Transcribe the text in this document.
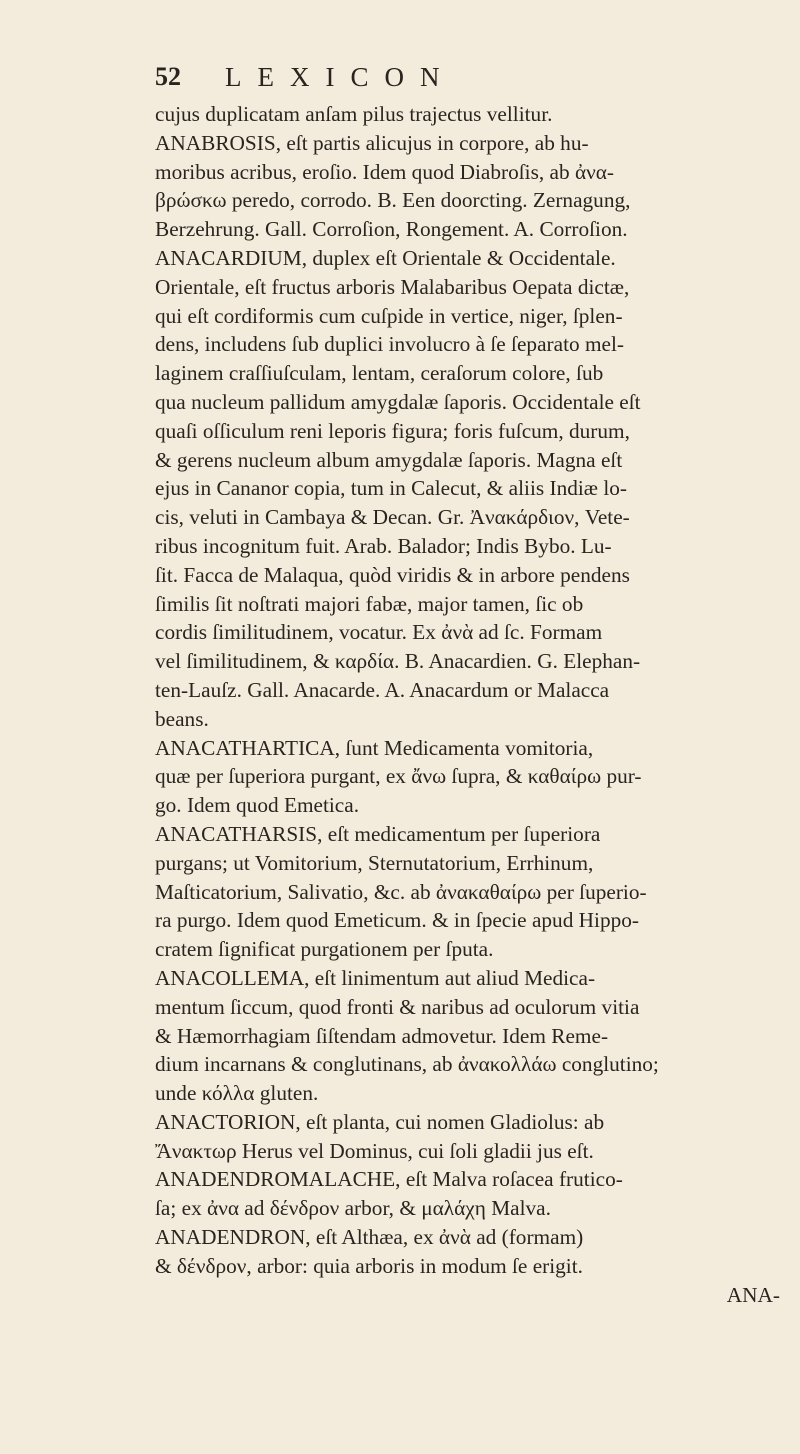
52 LEXICON
cujus duplicatam anſam pilus trajectus vellitur.
ANABROSIS, eſt partis alicujus in corpore, ab hu-
moribus acribus, eroſio. Idem quod Diabroſis, ab ἀνα-
βρώσκω peredo, corrodo. B. Een doorcting. Zernagung,
Berzehrung. Gall. Corroſion, Rongement. A. Corroſion.
ANACARDIUM, duplex eſt Orientale & Occidentale.
Orientale, eſt fructus arboris Malabaribus Oepata dictæ,
qui eſt cordiformis cum cuſpide in vertice, niger, ſplen-
dens, includens ſub duplici involucro à ſe ſeparato mel-
laginem craſſiuſculam, lentam, ceraſorum colore, ſub
qua nucleum pallidum amygdalæ ſaporis. Occidentale eſt
quaſi oſſiculum reni leporis figura; foris fuſcum, durum,
& gerens nucleum album amygdalæ ſaporis. Magna eſt
ejus in Cananor copia, tum in Calecut, & aliis Indiæ lo-
cis, veluti in Cambaya & Decan. Gr. Ἀνακάρδιον, Vete-
ribus incognitum fuit. Arab. Balador; Indis Bybo. Lu-
ſit. Facca de Malaqua, quòd viridis & in arbore pendens
ſimilis ſit noſtrati majori fabæ, major tamen, ſic ob
cordis ſimilitudinem, vocatur. Ex ἀνὰ ad ſc. Formam
vel ſimilitudinem, & καρδία. B. Anacardien. G. Elephan-
ten-Lauſz. Gall. Anacarde. A. Anacardum or Malacca
beans.
ANACATHARTICA, ſunt Medicamenta vomitoria,
quæ per ſuperiora purgant, ex ἄνω ſupra, & καθαίρω pur-
go. Idem quod Emetica.
ANACATHARSIS, eſt medicamentum per ſuperiora
purgans; ut Vomitorium, Sternutatorium, Errhinum,
Maſticatorium, Salivatio, &c. ab ἀνακαθαίρω per ſuperio-
ra purgo. Idem quod Emeticum. & in ſpecie apud Hippo-
cratem ſignificat purgationem per ſputa.
ANACOLLEMA, eſt linimentum aut aliud Medica-
mentum ſiccum, quod fronti & naribus ad oculorum vitia
& Hæmorrhagiam ſiſtendam admovetur. Idem Reme-
dium incarnans & conglutinans, ab ἀνακολλάω conglutino;
unde κόλλα gluten.
ANACTORION, eſt planta, cui nomen Gladiolus: ab
Ἄνακτωρ Herus vel Dominus, cui ſoli gladii jus eſt.
ANADENDROMALACHE, eſt Malva roſacea frutico-
ſa; ex ἀνα ad δένδρον arbor, & μαλάχη Malva.
ANADENDRON, eſt Althæa, ex ἀνὰ ad (formam)
& δένδρον, arbor: quia arboris in modum ſe erigit.
ANA-
